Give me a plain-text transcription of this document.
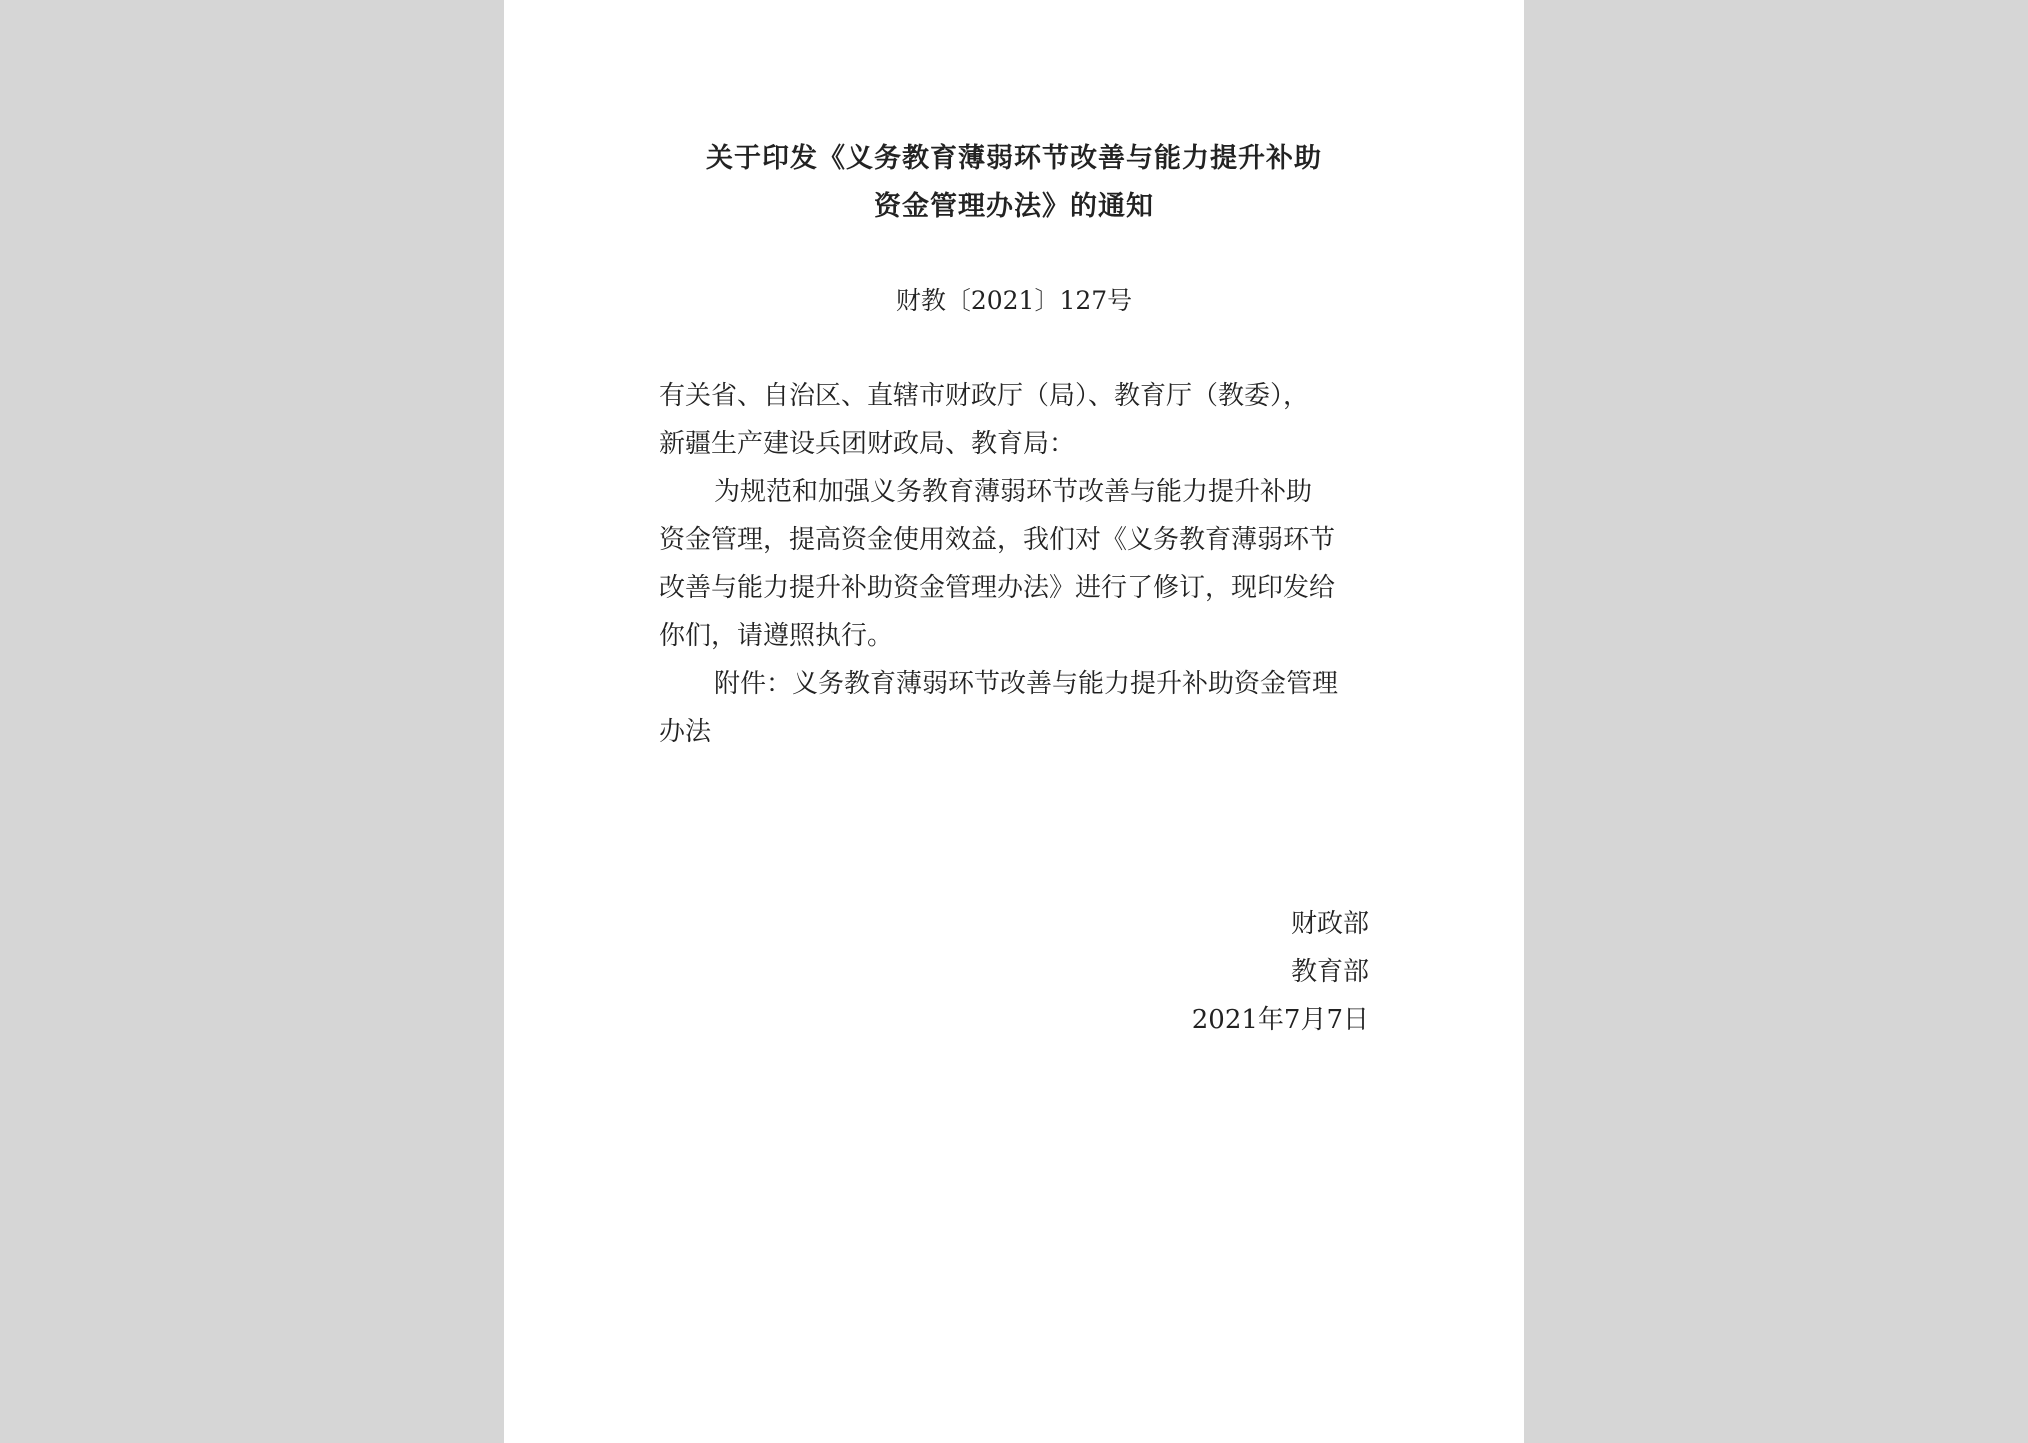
关于印发《义务教育薄弱环节改善与能力提升补助
资金管理办法》的通知
财教〔2021〕127号
有关省、自治区、直辖市财政厅（局）、教育厅（教委），
新疆生产建设兵团财政局、教育局：
为规范和加强义务教育薄弱环节改善与能力提升补助
资金管理，提高资金使用效益，我们对《义务教育薄弱环节
改善与能力提升补助资金管理办法》进行了修订，现印发给
你们，请遵照执行。
附件：义务教育薄弱环节改善与能力提升补助资金管理
办法
财政部
教育部
2021年7月7日
